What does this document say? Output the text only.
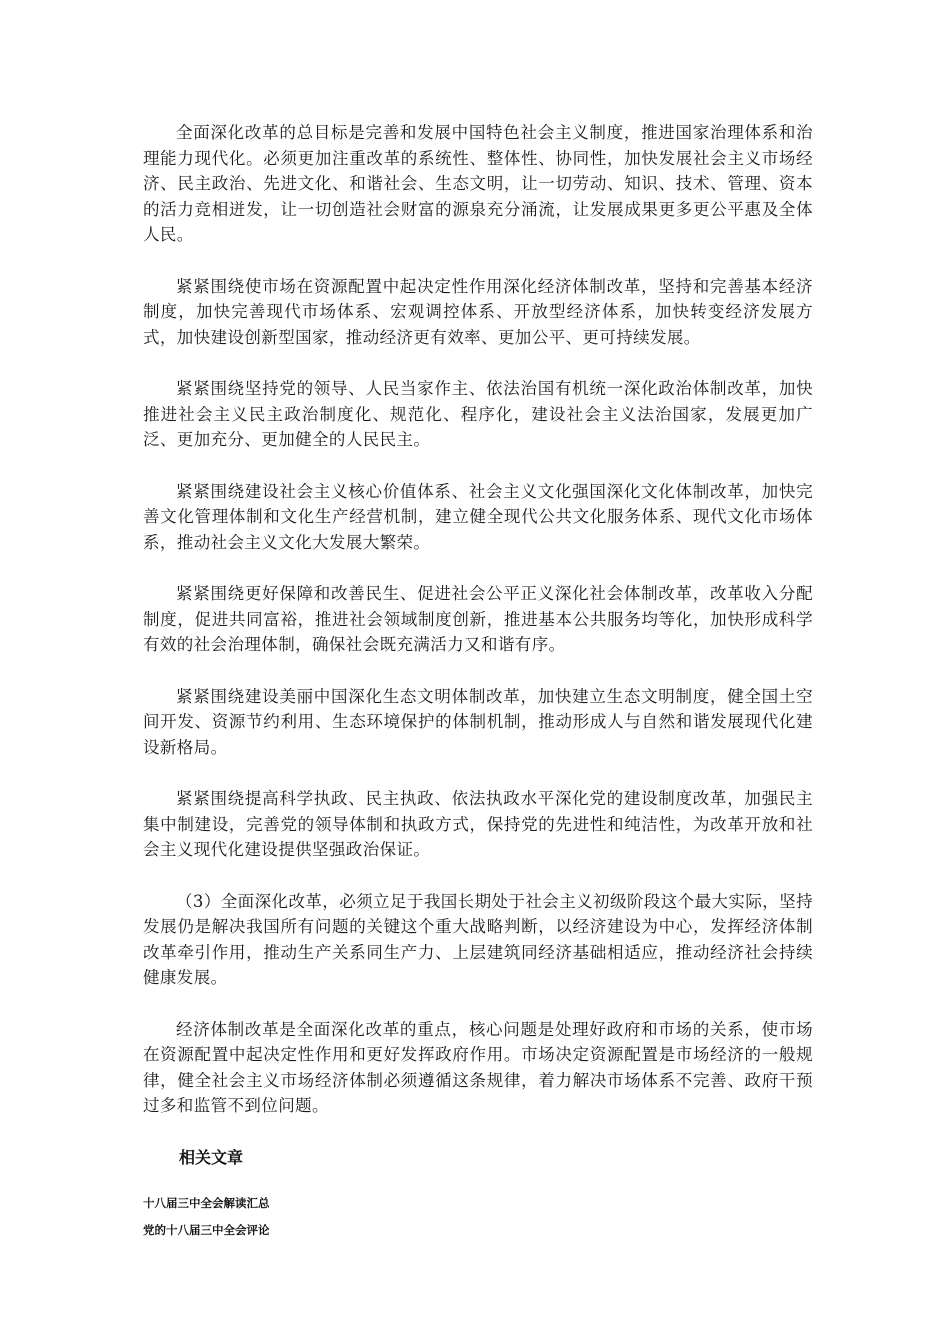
全面深化改革的总目标是完善和发展中国特色社会主义制度，推进国家治理体系和治理能力现代化。必须更加注重改革的系统性、整体性、协同性，加快发展社会主义市场经济、民主政治、先进文化、和谐社会、生态文明，让一切劳动、知识、技术、管理、资本的活力竞相迸发，让一切创造社会财富的源泉充分涌流，让发展成果更多更公平惠及全体人民。

紧紧围绕使市场在资源配置中起决定性作用深化经济体制改革，坚持和完善基本经济制度，加快完善现代市场体系、宏观调控体系、开放型经济体系，加快转变经济发展方式，加快建设创新型国家，推动经济更有效率、更加公平、更可持续发展。

紧紧围绕坚持党的领导、人民当家作主、依法治国有机统一深化政治体制改革，加快推进社会主义民主政治制度化、规范化、程序化，建设社会主义法治国家，发展更加广泛、更加充分、更加健全的人民民主。

紧紧围绕建设社会主义核心价值体系、社会主义文化强国深化文化体制改革，加快完善文化管理体制和文化生产经营机制，建立健全现代公共文化服务体系、现代文化市场体系，推动社会主义文化大发展大繁荣。

紧紧围绕更好保障和改善民生、促进社会公平正义深化社会体制改革，改革收入分配制度，促进共同富裕，推进社会领域制度创新，推进基本公共服务均等化，加快形成科学有效的社会治理体制，确保社会既充满活力又和谐有序。

紧紧围绕建设美丽中国深化生态文明体制改革，加快建立生态文明制度，健全国土空间开发、资源节约利用、生态环境保护的体制机制，推动形成人与自然和谐发展现代化建设新格局。

紧紧围绕提高科学执政、民主执政、依法执政水平深化党的建设制度改革，加强民主集中制建设，完善党的领导体制和执政方式，保持党的先进性和纯洁性，为改革开放和社会主义现代化建设提供坚强政治保证。

（3）全面深化改革，必须立足于我国长期处于社会主义初级阶段这个最大实际，坚持发展仍是解决我国所有问题的关键这个重大战略判断，以经济建设为中心，发挥经济体制改革牵引作用，推动生产关系同生产力、上层建筑同经济基础相适应，推动经济社会持续健康发展。

经济体制改革是全面深化改革的重点，核心问题是处理好政府和市场的关系，使市场在资源配置中起决定性作用和更好发挥政府作用。市场决定资源配置是市场经济的一般规律，健全社会主义市场经济体制必须遵循这条规律，着力解决市场体系不完善、政府干预过多和监管不到位问题。

相关文章
十八届三中全会解读汇总
党的十八届三中全会评论
